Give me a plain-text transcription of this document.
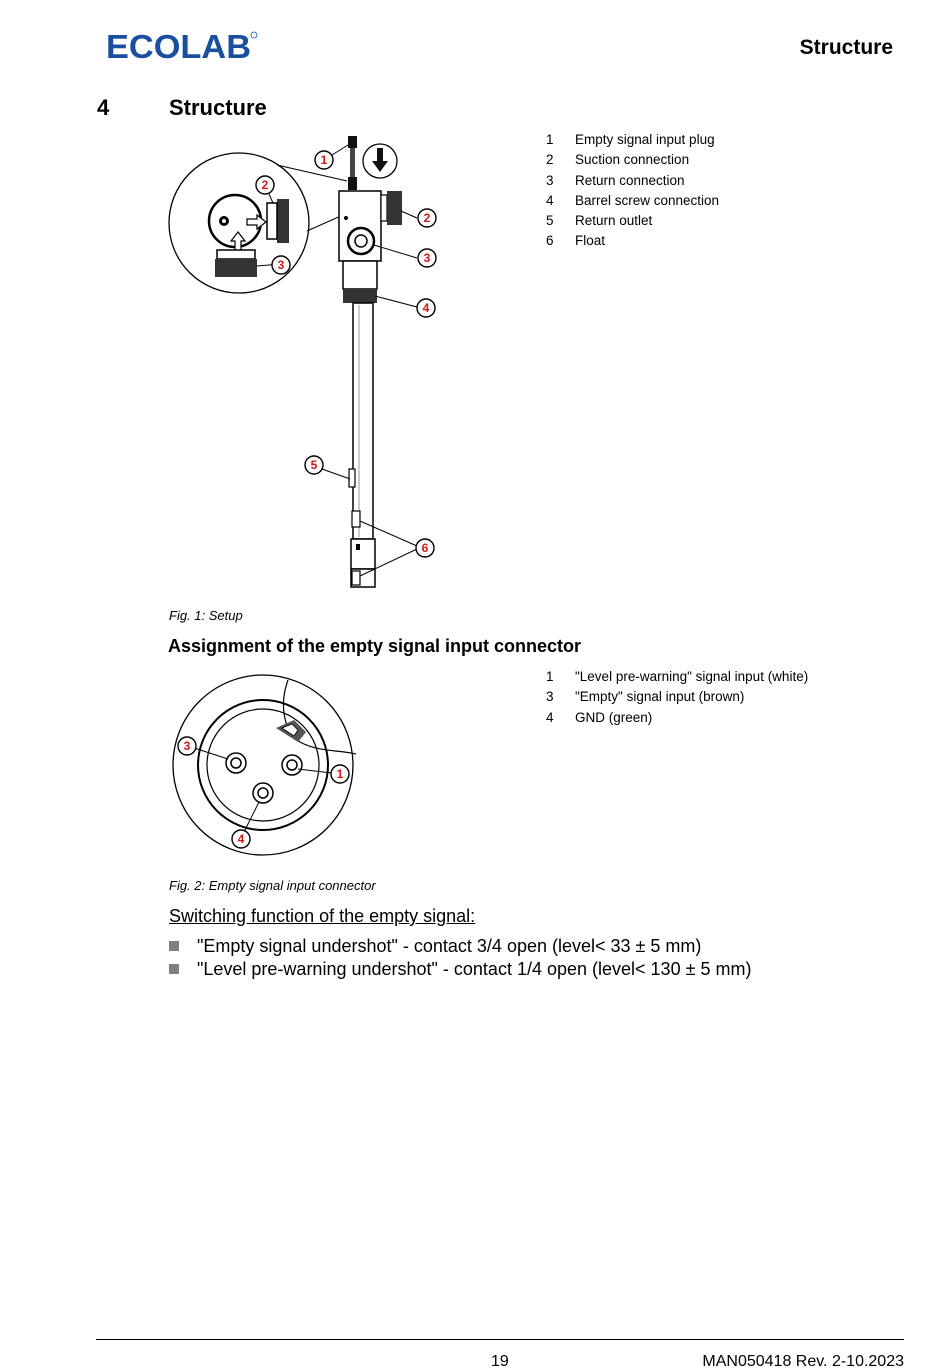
ECOLAB	Structure
4	Structure
1
2
2
3	3
4
5
6
1 Empty signal input plug
2 Suction connection
3 Return connection
4 Barrel screw connection
5 Return outlet
6 Float
Fig. 1: Setup
Assignment of the empty signal input connector
3
1
4
1 "Level pre-warning" signal input (white)
3 "Empty" signal input (brown)
4 GND (green)
Fig. 2: Empty signal input connector
Switching function of the empty signal:
"Empty signal undershot" - contact 3/4 open (level< 33 ± 5 mm)
"Level pre-warning undershot" - contact 1/4 open (level< 130 ± 5 mm)
19	MAN050418 Rev. 2-10.2023
